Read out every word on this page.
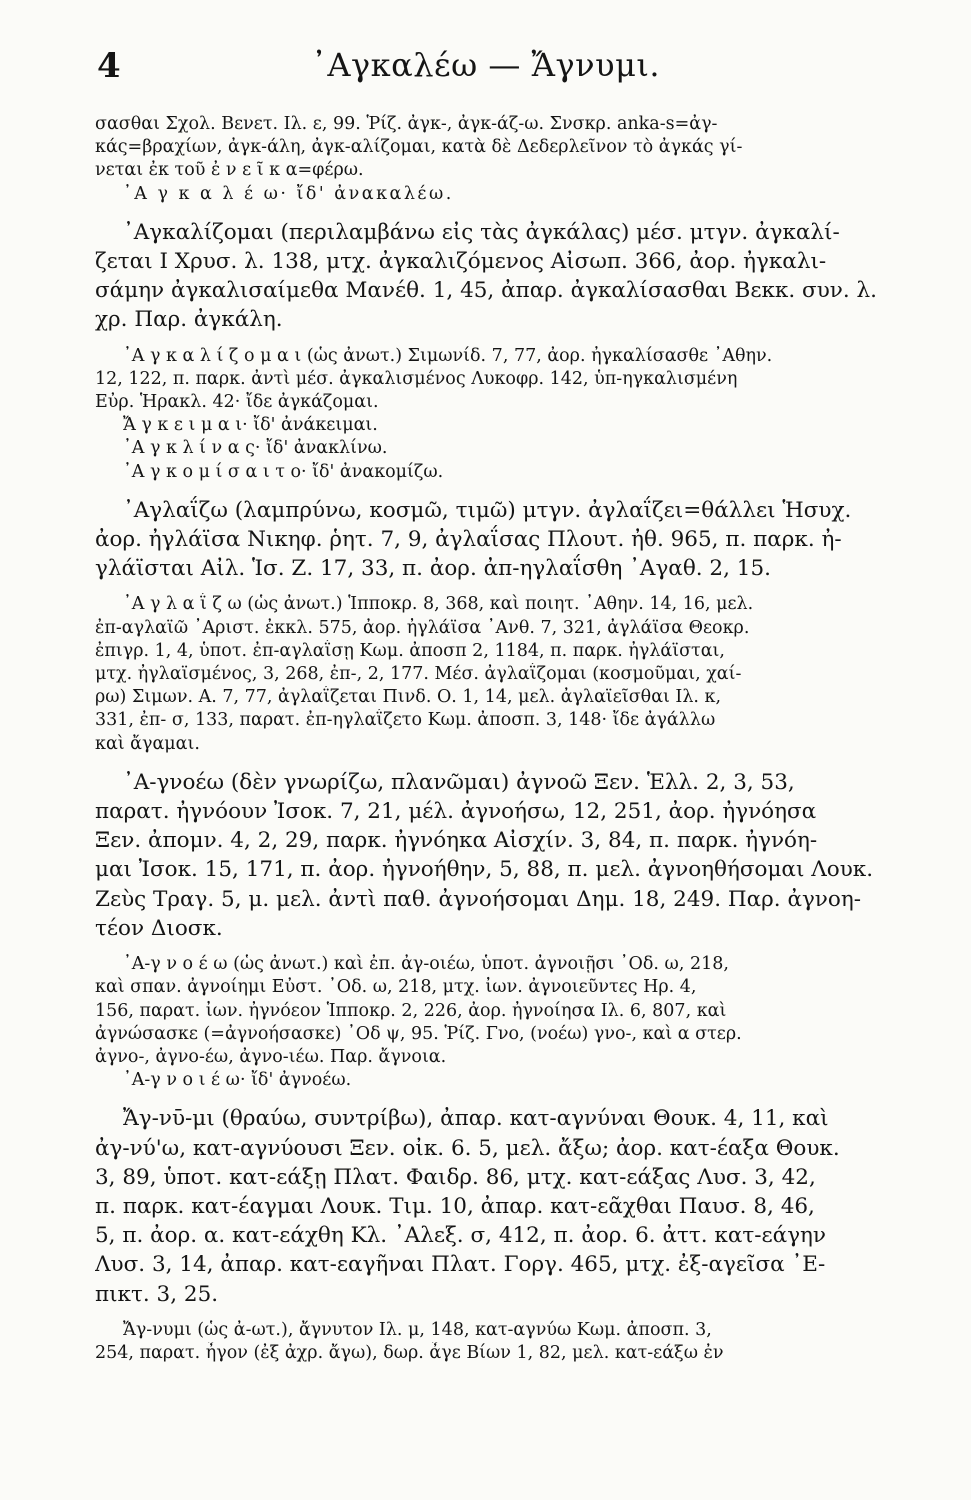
4	᾿Αγκαλέω — Ἄγνυμι.
σασθαι Σχολ. Βενετ. Ιλ. ε, 99. Ῥίζ. ἀγκ-, ἀγκ-άζ-ω. Σνσκρ. anka-s=ἀγ-
κάς=βραχίων, ἀγκ-άλη, ἀγκ-αλίζομαι, κατὰ δὲ Δεδερλεῖνον τὸ ἀγκάς γί-
νεται ἐκ τοῦ ἐ ν ε ῖ κ α=φέρω.
᾿Α γ κ α λ έ ω· ἴδ' ἀνακαλέω.
᾿Αγκαλίζομαι (περιλαμβάνω εἰς τὰς ἀγκάλας) μέσ. μτγν. ἀγκαλί-
ζεται Ι Χρυσ. λ. 138, μτχ. ἀγκαλιζόμενος Αἰσωπ. 366, ἀορ. ἠγκαλι-
σάμην ἀγκαλισαίμεθα Μανέθ. 1, 45, ἀπαρ. ἀγκαλίσασθαι Βεκκ. συν. λ.
χρ. Παρ. ἀγκάλη.
᾿Α γ κ α λ ί ζ ο μ α ι (ὡς ἀνωτ.) Σιμωνίδ. 7, 77, ἀορ. ἠγκαλίσασθε ᾿Αθην.
12, 122, π. παρκ. ἀντὶ μέσ. ἀγκαλισμένος Λυκοφρ. 142, ὑπ-ηγκαλισμένη
Εὐρ. Ἡρακλ. 42· ἴδε ἀγκάζομαι.
Ἄ γ κ ε ι μ α ι· ἴδ' ἀνάκειμαι.
᾿Α γ κ λ ί ν α ς· ἴδ' ἀνακλίνω.
᾿Α γ κ ο μ ί σ α ι τ ο· ἴδ' ἀνακομίζω.
᾿Αγλαΐζω (λαμπρύνω, κοσμῶ, τιμῶ) μτγν. ἀγλαΐζει=θάλλει Ἡσυχ.
ἀορ. ἠγλάϊσα Νικηφ. ῥητ. 7, 9, ἀγλαΐσας Πλουτ. ἠθ. 965, π. παρκ. ἠ-
γλάϊσται Αἰλ. Ἱσ. Ζ. 17, 33, π. ἀορ. ἀπ-ηγλαΐσθη ᾿Αγαθ. 2, 15.
᾿Α γ λ α ΐ ζ ω (ὡς ἀνωτ.) Ἱπποκρ. 8, 368, καὶ ποιητ. ᾿Αθην. 14, 16, μελ.
ἐπ-αγλαϊῶ ᾿Αριστ. ἐκκλ. 575, ἀορ. ἠγλάϊσα ᾿Ανθ. 7, 321, ἀγλάϊσα Θεοκρ.
ἐπιγρ. 1, 4, ὑποτ. ἐπ-αγλαΐσῃ Κωμ. ἀποσπ 2, 1184, π. παρκ. ἠγλάϊσται,
μτχ. ἠγλαϊσμένος, 3, 268, ἐπ-, 2, 177. Μέσ. ἀγλαΐζομαι (κοσμοῦμαι, χαί-
ρω) Σιμων. Α. 7, 77, ἀγλαΐζεται Πινδ. Ο. 1, 14, μελ. ἀγλαϊεῖσθαι Ιλ. κ,
331, ἐπ- σ, 133, παρατ. ἐπ-ηγλαΐζετο Κωμ. ἀποσπ. 3, 148· ἴδε ἀγάλλω
καὶ ἄγαμαι.
᾿Α-γνοέω (δὲν γνωρίζω, πλανῶμαι) ἀγνοῶ Ξεν. Ἑλλ. 2, 3, 53,
παρατ. ἠγνόουν Ἰσοκ. 7, 21, μέλ. ἀγνοήσω, 12, 251, ἀορ. ἠγνόησα
Ξεν. ἀπομν. 4, 2, 29, παρκ. ἠγνόηκα Αἰσχίν. 3, 84, π. παρκ. ἠγνόη-
μαι Ἰσοκ. 15, 171, π. ἀορ. ἠγνοήθην, 5, 88, π. μελ. ἀγνοηθήσομαι Λουκ.
Ζεὺς Τραγ. 5, μ. μελ. ἀντὶ παθ. ἀγνοήσομαι Δημ. 18, 249. Παρ. ἀγνοη-
τέον Διοσκ.
᾿Α-γ ν ο έ ω (ὡς ἀνωτ.) καὶ ἐπ. ἀγ-οιέω, ὑποτ. ἀγνοιῇσι ᾿Οδ. ω, 218,
καὶ σπαν. ἀγνοίημι Εὐστ. ᾿Οδ. ω, 218, μτχ. ἰων. ἀγνοιεῦντες Ηρ. 4,
156, παρατ. ἰων. ἠγνόεον Ἱπποκρ. 2, 226, ἀορ. ἠγνοίησα Ιλ. 6, 807, καὶ
ἀγνώσασκε (=ἀγνοήσασκε) ᾿Οδ ψ, 95. Ῥίζ. Γνο, (νοέω) γνο-, καὶ α στερ.
ἀγνο-, ἀγνο-έω, ἀγνο-ιέω. Παρ. ἄγνοια.
᾿Α-γ ν ο ι έ ω· ἴδ' ἀγνοέω.
Ἄγ-νῡ-μι (θραύω, συντρίβω), ἀπαρ. κατ-αγνύναι Θουκ. 4, 11, καὶ
ἀγ-νύ'ω, κατ-αγνύουσι Ξεν. οἰκ. 6. 5, μελ. ἄξω; ἀορ. κατ-έαξα Θουκ.
3, 89, ὑποτ. κατ-εάξῃ Πλατ. Φαιδρ. 86, μτχ. κατ-εάξας Λυσ. 3, 42,
π. παρκ. κατ-έαγμαι Λουκ. Τιμ. 10, ἀπαρ. κατ-εᾶχθαι Παυσ. 8, 46,
5, π. ἀορ. α. κατ-εάχθη Κλ. ᾿Αλεξ. σ, 412, π. ἀορ. 6. ἀττ. κατ-εάγην
Λυσ. 3, 14, ἀπαρ. κατ-εαγῆναι Πλατ. Γοργ. 465, μτχ. ἐξ-αγεῖσα ᾿Ε-
πικτ. 3, 25.
Ἄγ-νυμι (ὡς ἀ-ωτ.), ἄγνυτον Ιλ. μ, 148, κατ-αγνύω Κωμ. ἀποσπ. 3,
254, παρατ. ἦγον (ἐξ ἀχρ. ἄγω), δωρ. ἆγε Βίων 1, 82, μελ. κατ-εάξω ἐν
